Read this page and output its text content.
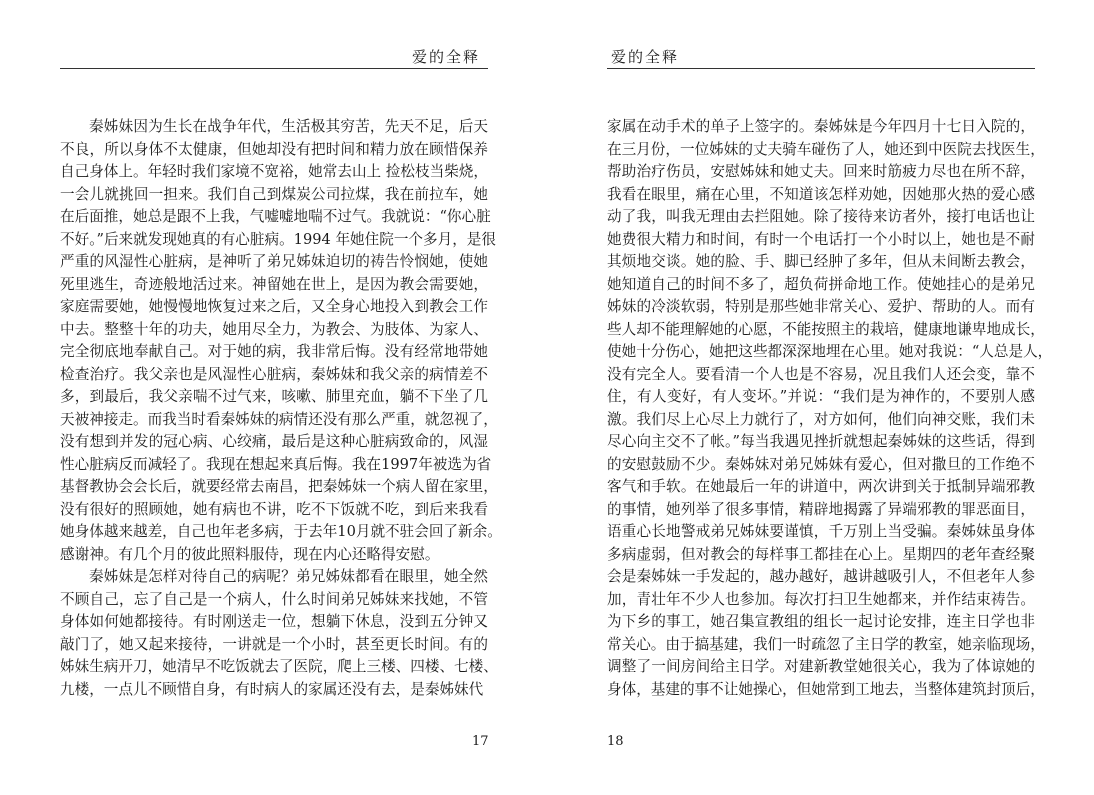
爱的全释
秦姊妹因为生长在战争年代，生活极其穷苦，先天不足，后天
不良，所以身体不太健康，但她却没有把时间和精力放在顾惜保养
自己身体上。年轻时我们家境不宽裕，她常去山上 捡松枝当柴烧，
一会儿就挑回一担来。我们自己到煤炭公司拉煤，我在前拉车，她
在后面推，她总是跟不上我，气嘘嘘地喘不过气。我就说：“你心脏
不好。”后来就发现她真的有心脏病。1994 年她住院一个多月，是很
严重的风湿性心脏病，是神听了弟兄姊妹迫切的祷告怜悯她，使她
死里逃生，奇迹般地活过来。神留她在世上，是因为教会需要她，
家庭需要她，她慢慢地恢复过来之后，又全身心地投入到教会工作
中去。整整十年的功夫，她用尽全力，为教会、为肢体、为家人、
完全彻底地奉献自己。对于她的病，我非常后悔。没有经常地带她
检查治疗。我父亲也是风湿性心脏病，秦姊妹和我父亲的病情差不
多，到最后，我父亲喘不过气来，咳嗽、肺里充血，躺不下坐了几
天被神接走。而我当时看秦姊妹的病情还没有那么严重，就忽视了，
没有想到并发的冠心病、心绞痛，最后是这种心脏病致命的，风湿
性心脏病反而减轻了。我现在想起来真后悔。我在1997年被选为省
基督教协会会长后，就要经常去南昌，把秦姊妹一个病人留在家里，
没有很好的照顾她，她有病也不讲，吃不下饭就不吃，到后来我看
她身体越来越差，自己也年老多病，于去年10月就不驻会回了新余。
感谢神。有几个月的彼此照料服侍，现在内心还略得安慰。
秦姊妹是怎样对待自己的病呢？弟兄姊妹都看在眼里，她全然
不顾自己，忘了自己是一个病人，什么时间弟兄姊妹来找她，不管
身体如何她都接待。有时刚送走一位，想躺下休息，没到五分钟又
敲门了，她又起来接待，一讲就是一个小时，甚至更长时间。有的
姊妹生病开刀，她清早不吃饭就去了医院，爬上三楼、四楼、七楼、
九楼，一点儿不顾惜自身，有时病人的家属还没有去，是秦姊妹代
17
爱的全释
家属在动手术的单子上签字的。秦姊妹是今年四月十七日入院的，
在三月份，一位姊妹的丈夫骑车碰伤了人，她还到中医院去找医生，
帮助治疗伤员，安慰姊妹和她丈夫。回来时筋疲力尽也在所不辞，
我看在眼里，痛在心里，不知道该怎样劝她，因她那火热的爱心感
动了我，叫我无理由去拦阻她。除了接待来访者外，接打电话也让
她费很大精力和时间，有时一个电话打一个小时以上，她也是不耐
其烦地交谈。她的脸、手、脚已经肿了多年，但从未间断去教会，
她知道自己的时间不多了，超负荷拼命地工作。使她挂心的是弟兄
姊妹的冷淡软弱，特别是那些她非常关心、爱护、帮助的人。而有
些人却不能理解她的心愿，不能按照主的栽培，健康地谦卑地成长，
使她十分伤心，她把这些都深深地埋在心里。她对我说：“人总是人，
没有完全人。要看清一个人也是不容易，况且我们人还会变，靠不
住，有人变好，有人变坏。”并说：“我们是为神作的，不要别人感
激。我们尽上心尽上力就行了，对方如何，他们向神交账，我们未
尽心向主交不了帐。”每当我遇见挫折就想起秦姊妹的这些话，得到
的安慰鼓励不少。秦姊妹对弟兄姊妹有爱心，但对撒旦的工作绝不
客气和手软。在她最后一年的讲道中，两次讲到关于抵制异端邪教
的事情，她列举了很多事情，精辟地揭露了异端邪教的罪恶面目，
语重心长地警戒弟兄姊妹要谨慎，千万别上当受骗。秦姊妹虽身体
多病虚弱，但对教会的每样事工都挂在心上。星期四的老年查经聚
会是秦姊妹一手发起的，越办越好，越讲越吸引人，不但老年人参
加，青壮年不少人也参加。每次打扫卫生她都来，并作结束祷告。
为下乡的事工，她召集宣教组的组长一起讨论安排，连主日学也非
常关心。由于搞基建，我们一时疏忽了主日学的教室，她亲临现场，
调整了一间房间给主日学。对建新教堂她很关心，我为了体谅她的
身体，基建的事不让她操心，但她常到工地去，当整体建筑封顶后，
18
